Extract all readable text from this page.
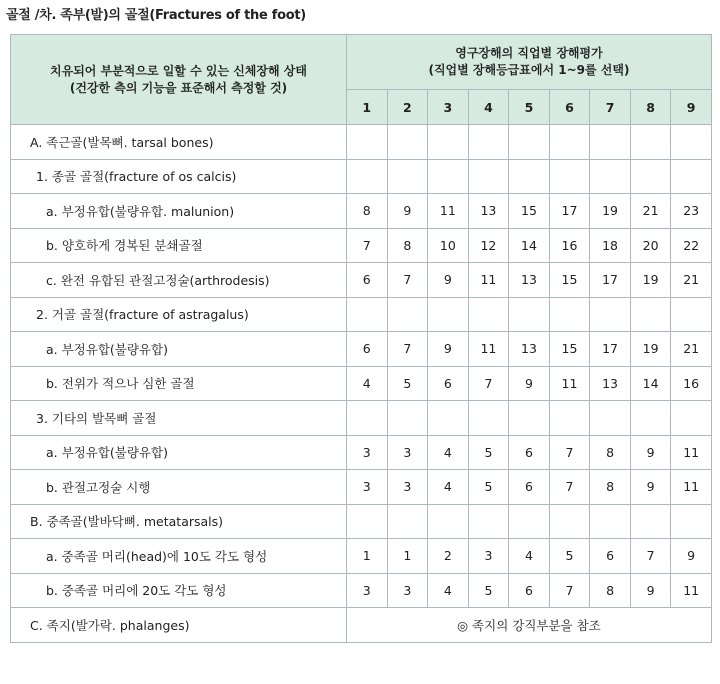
골절 /차. 족부(발)의 골절(Fractures of the foot)
치유되어 부분적으로 일할 수 있는 신체장해 상태
(건강한 측의 기능을 표준해서 측정할 것)	영구장해의 직업별 장해평가
(직업별 장해등급표에서 1~9를 선택)								
	1	2	3	4	5	6	7	8	9
A. 족근골(발목뼈. tarsal bones)									
1. 종골 골절(fracture of os calcis)									
a. 부정유합(불량유합. malunion)	8	9	11	13	15	17	19	21	23
b. 양호하게 경복된 분쇄골절	7	8	10	12	14	16	18	20	22
c. 완전 유합된 관절고정술(arthrodesis)	6	7	9	11	13	15	17	19	21
2. 거골 골절(fracture of astragalus)									
a. 부정유합(불량유합)	6	7	9	11	13	15	17	19	21
b. 전위가 적으나 심한 골절	4	5	6	7	9	11	13	14	16
3. 기타의 발목뼈 골절									
a. 부정유합(불량유합)	3	3	4	5	6	7	8	9	11
b. 관절고정술 시행	3	3	4	5	6	7	8	9	11
B. 중족골(발바닥뼈. metatarsals)									
a. 중족골 머리(head)에 10도 각도 형성	1	1	2	3	4	5	6	7	9
b. 중족골 머리에 20도 각도 형성	3	3	4	5	6	7	8	9	11
C. 족지(발가락. phalanges)	◎ 족지의 강직부분을 참조								
